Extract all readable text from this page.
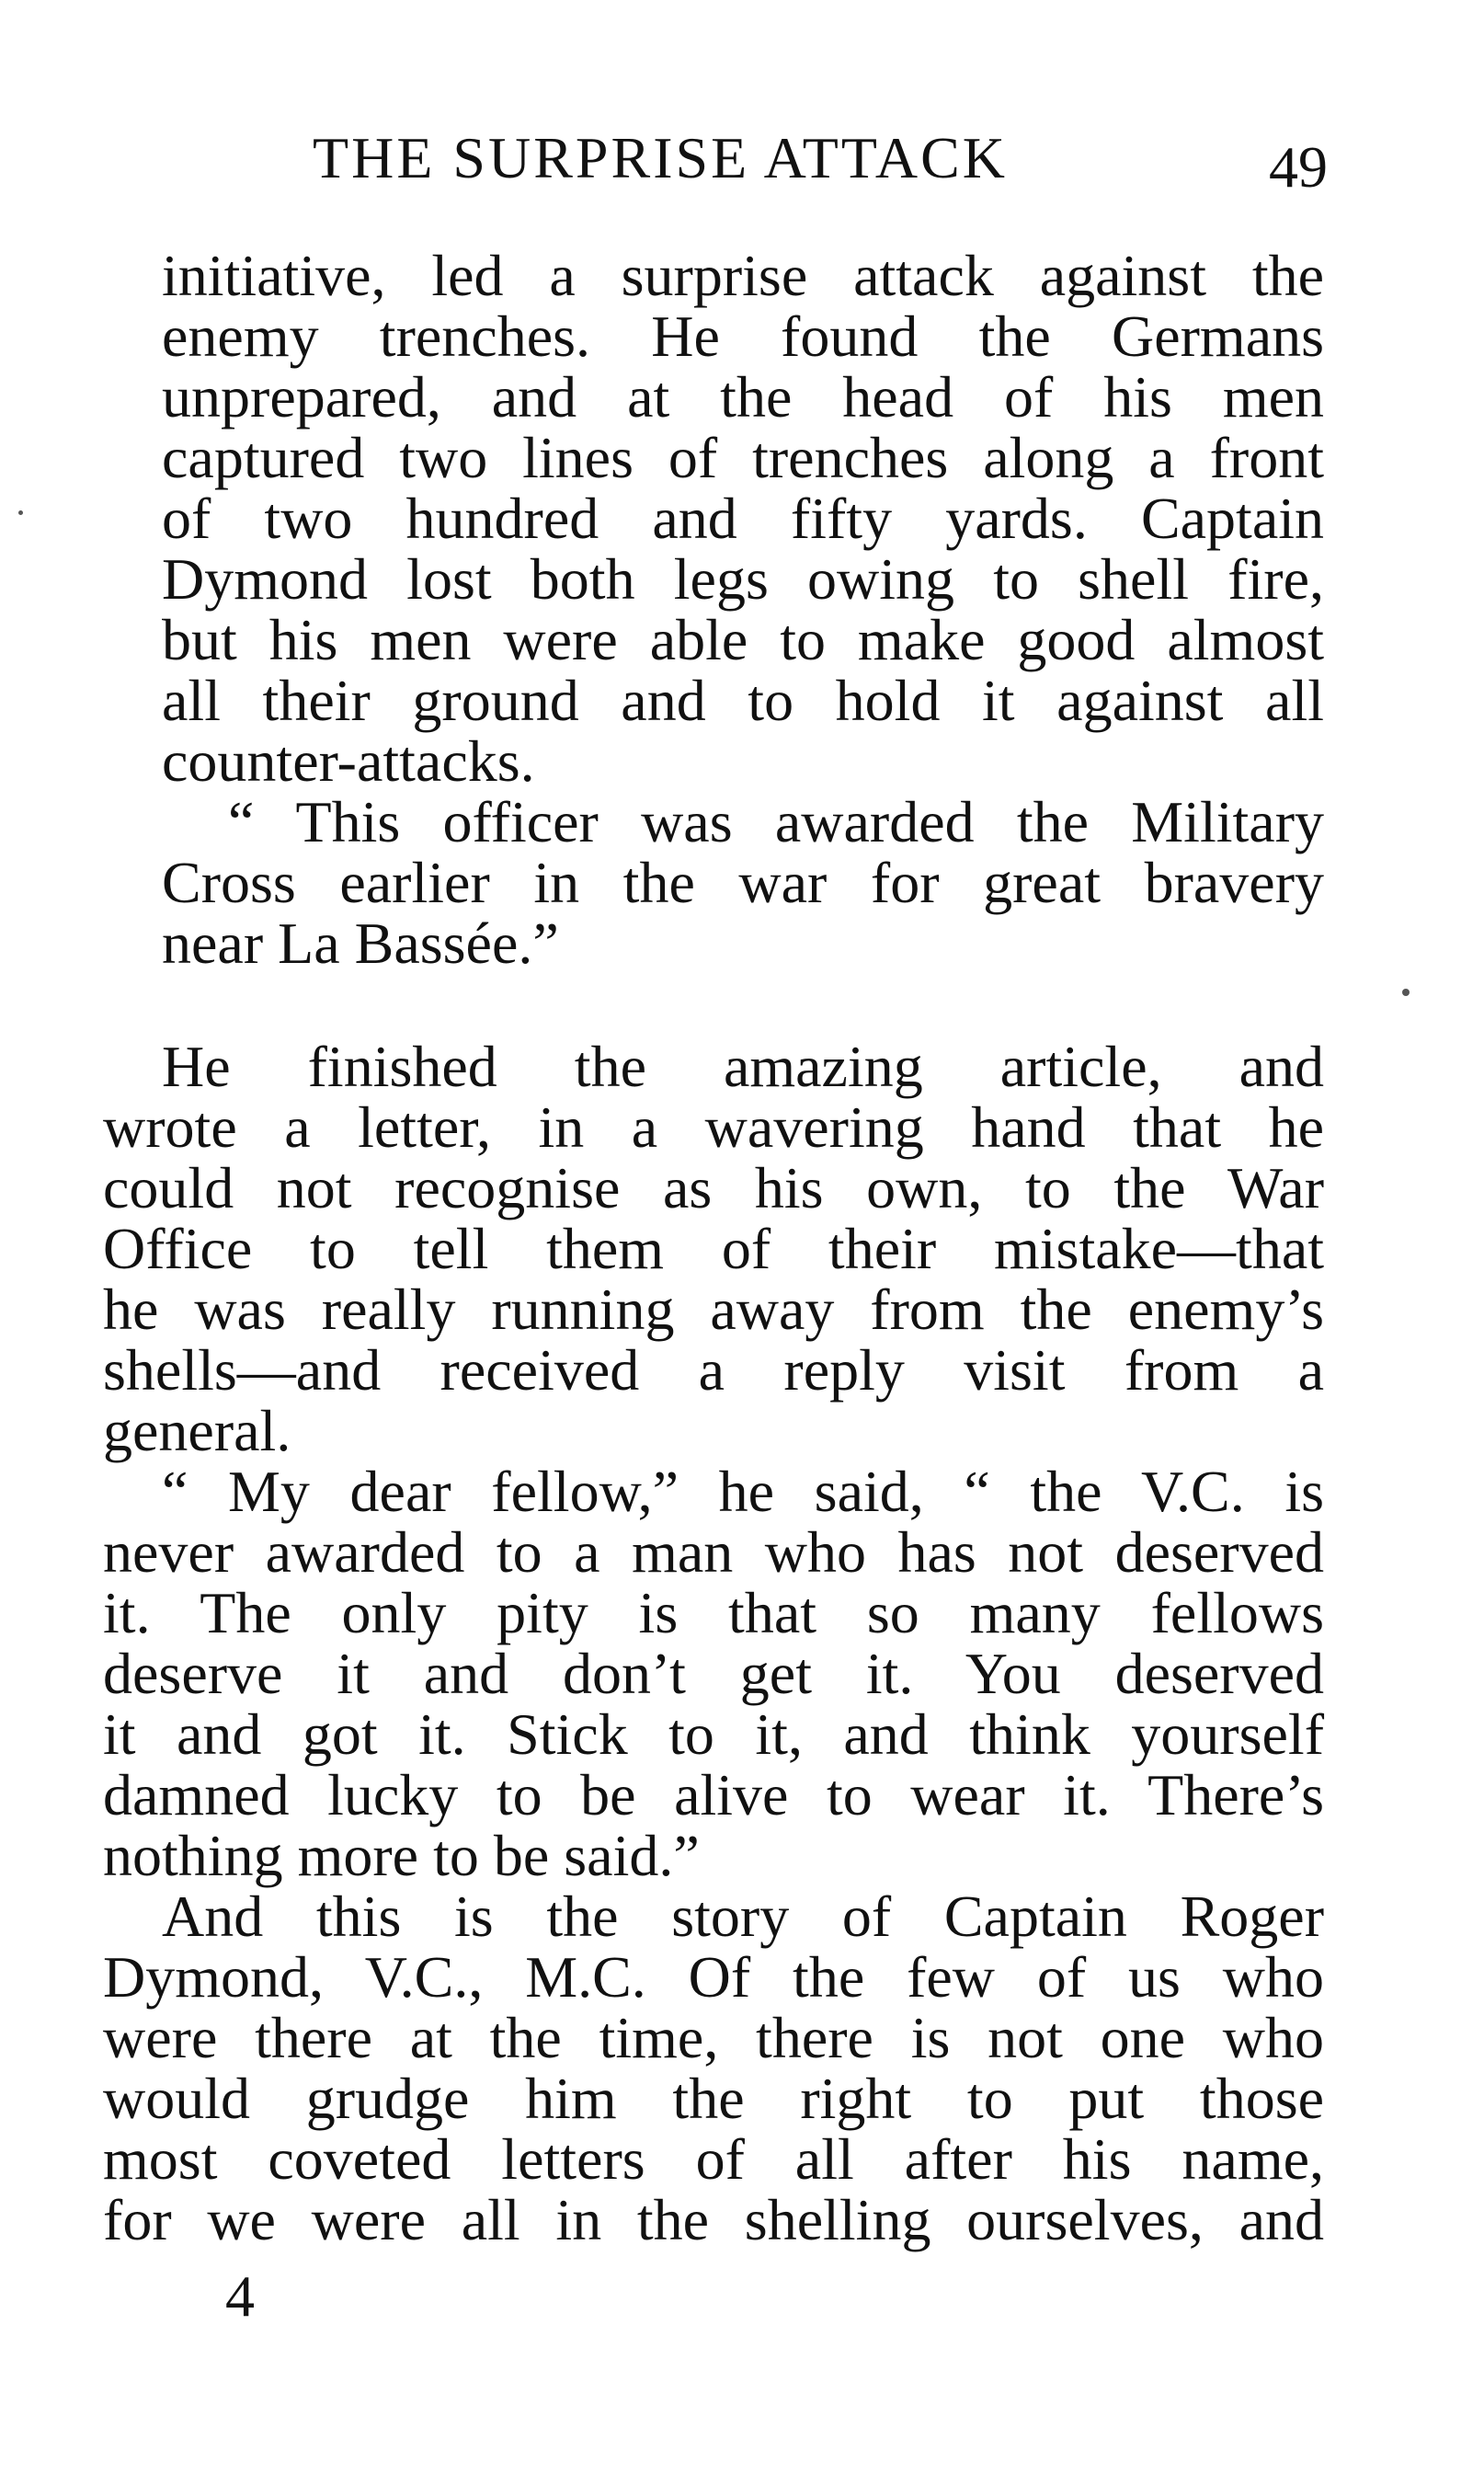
THE SURPRISE ATTACK	49
initiative, led a surprise attack against the
enemy trenches. He found the Germans
unprepared, and at the head of his men
captured two lines of trenches along a front
of two hundred and fifty yards. Captain
Dymond lost both legs owing to shell fire,
but his men were able to make good almost
all their ground and to hold it against all
counter-attacks.
“ This officer was awarded the Military
Cross earlier in the war for great bravery
near La Bassée.”
He finished the amazing article, and
wrote a letter, in a wavering hand that he
could not recognise as his own, to the War
Office to tell them of their mistake—that
he was really running away from the enemy’s
shells—and received a reply visit from a
general.
“ My dear fellow,” he said, “ the V.C. is
never awarded to a man who has not deserved
it. The only pity is that so many fellows
deserve it and don’t get it. You deserved
it and got it. Stick to it, and think yourself
damned lucky to be alive to wear it. There’s
nothing more to be said.”
And this is the story of Captain Roger
Dymond, V.C., M.C. Of the few of us who
were there at the time, there is not one who
would grudge him the right to put those
most coveted letters of all after his name,
for we were all in the shelling ourselves, and
4
